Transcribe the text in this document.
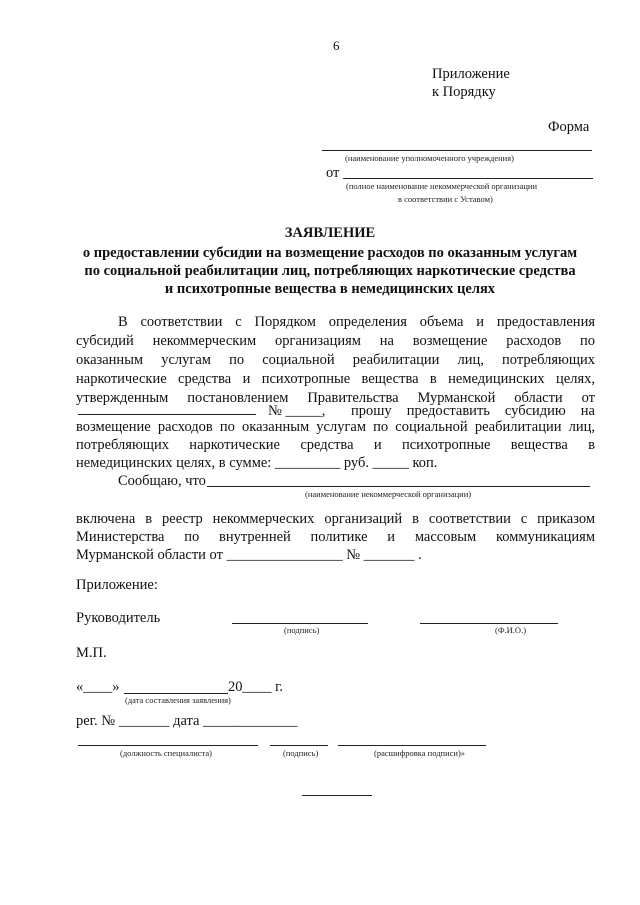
6
Приложение
к Порядку
Форма
(наименование уполномоченного учреждения)
от
(полное наименование некоммерческой организации
в соответствии с Уставом)
ЗАЯВЛЕНИЕ
о предоставлении субсидии на возмещение расходов по оказанным услугам
по социальной реабилитации лиц, потребляющих наркотические средства
и психотропные вещества в немедицинских целях
В соответствии с Порядком определения объема и предоставления
субсидий некоммерческим организациям на возмещение расходов по
оказанным услугам по социальной реабилитации лиц, потребляющих
наркотические средства и психотропные вещества в немедицинских целях,
утвержденным постановлением Правительства Мурманской области от
№ _____, прошу предоставить субсидию на
возмещение расходов по оказанным услугам по социальной реабилитации лиц,
потребляющих наркотические средства и психотропные вещества в
немедицинских целях, в сумме: _________ руб. _____ коп.
Сообщаю, что
(наименование некоммерческой организации)
включена в реестр некоммерческих организаций в соответствии с приказом
Министерства по внутренней политике и массовым коммуникациям
Мурманской области от ________________ № _______ .
Приложение:
Руководитель
(подпись)	(Ф.И.О.)
М.П.
«____»	20____ г.
(дата составления заявления)
рег. № _______ дата _____________
(должность специалиста)	(подпись)	(расшифровка подписи)»
